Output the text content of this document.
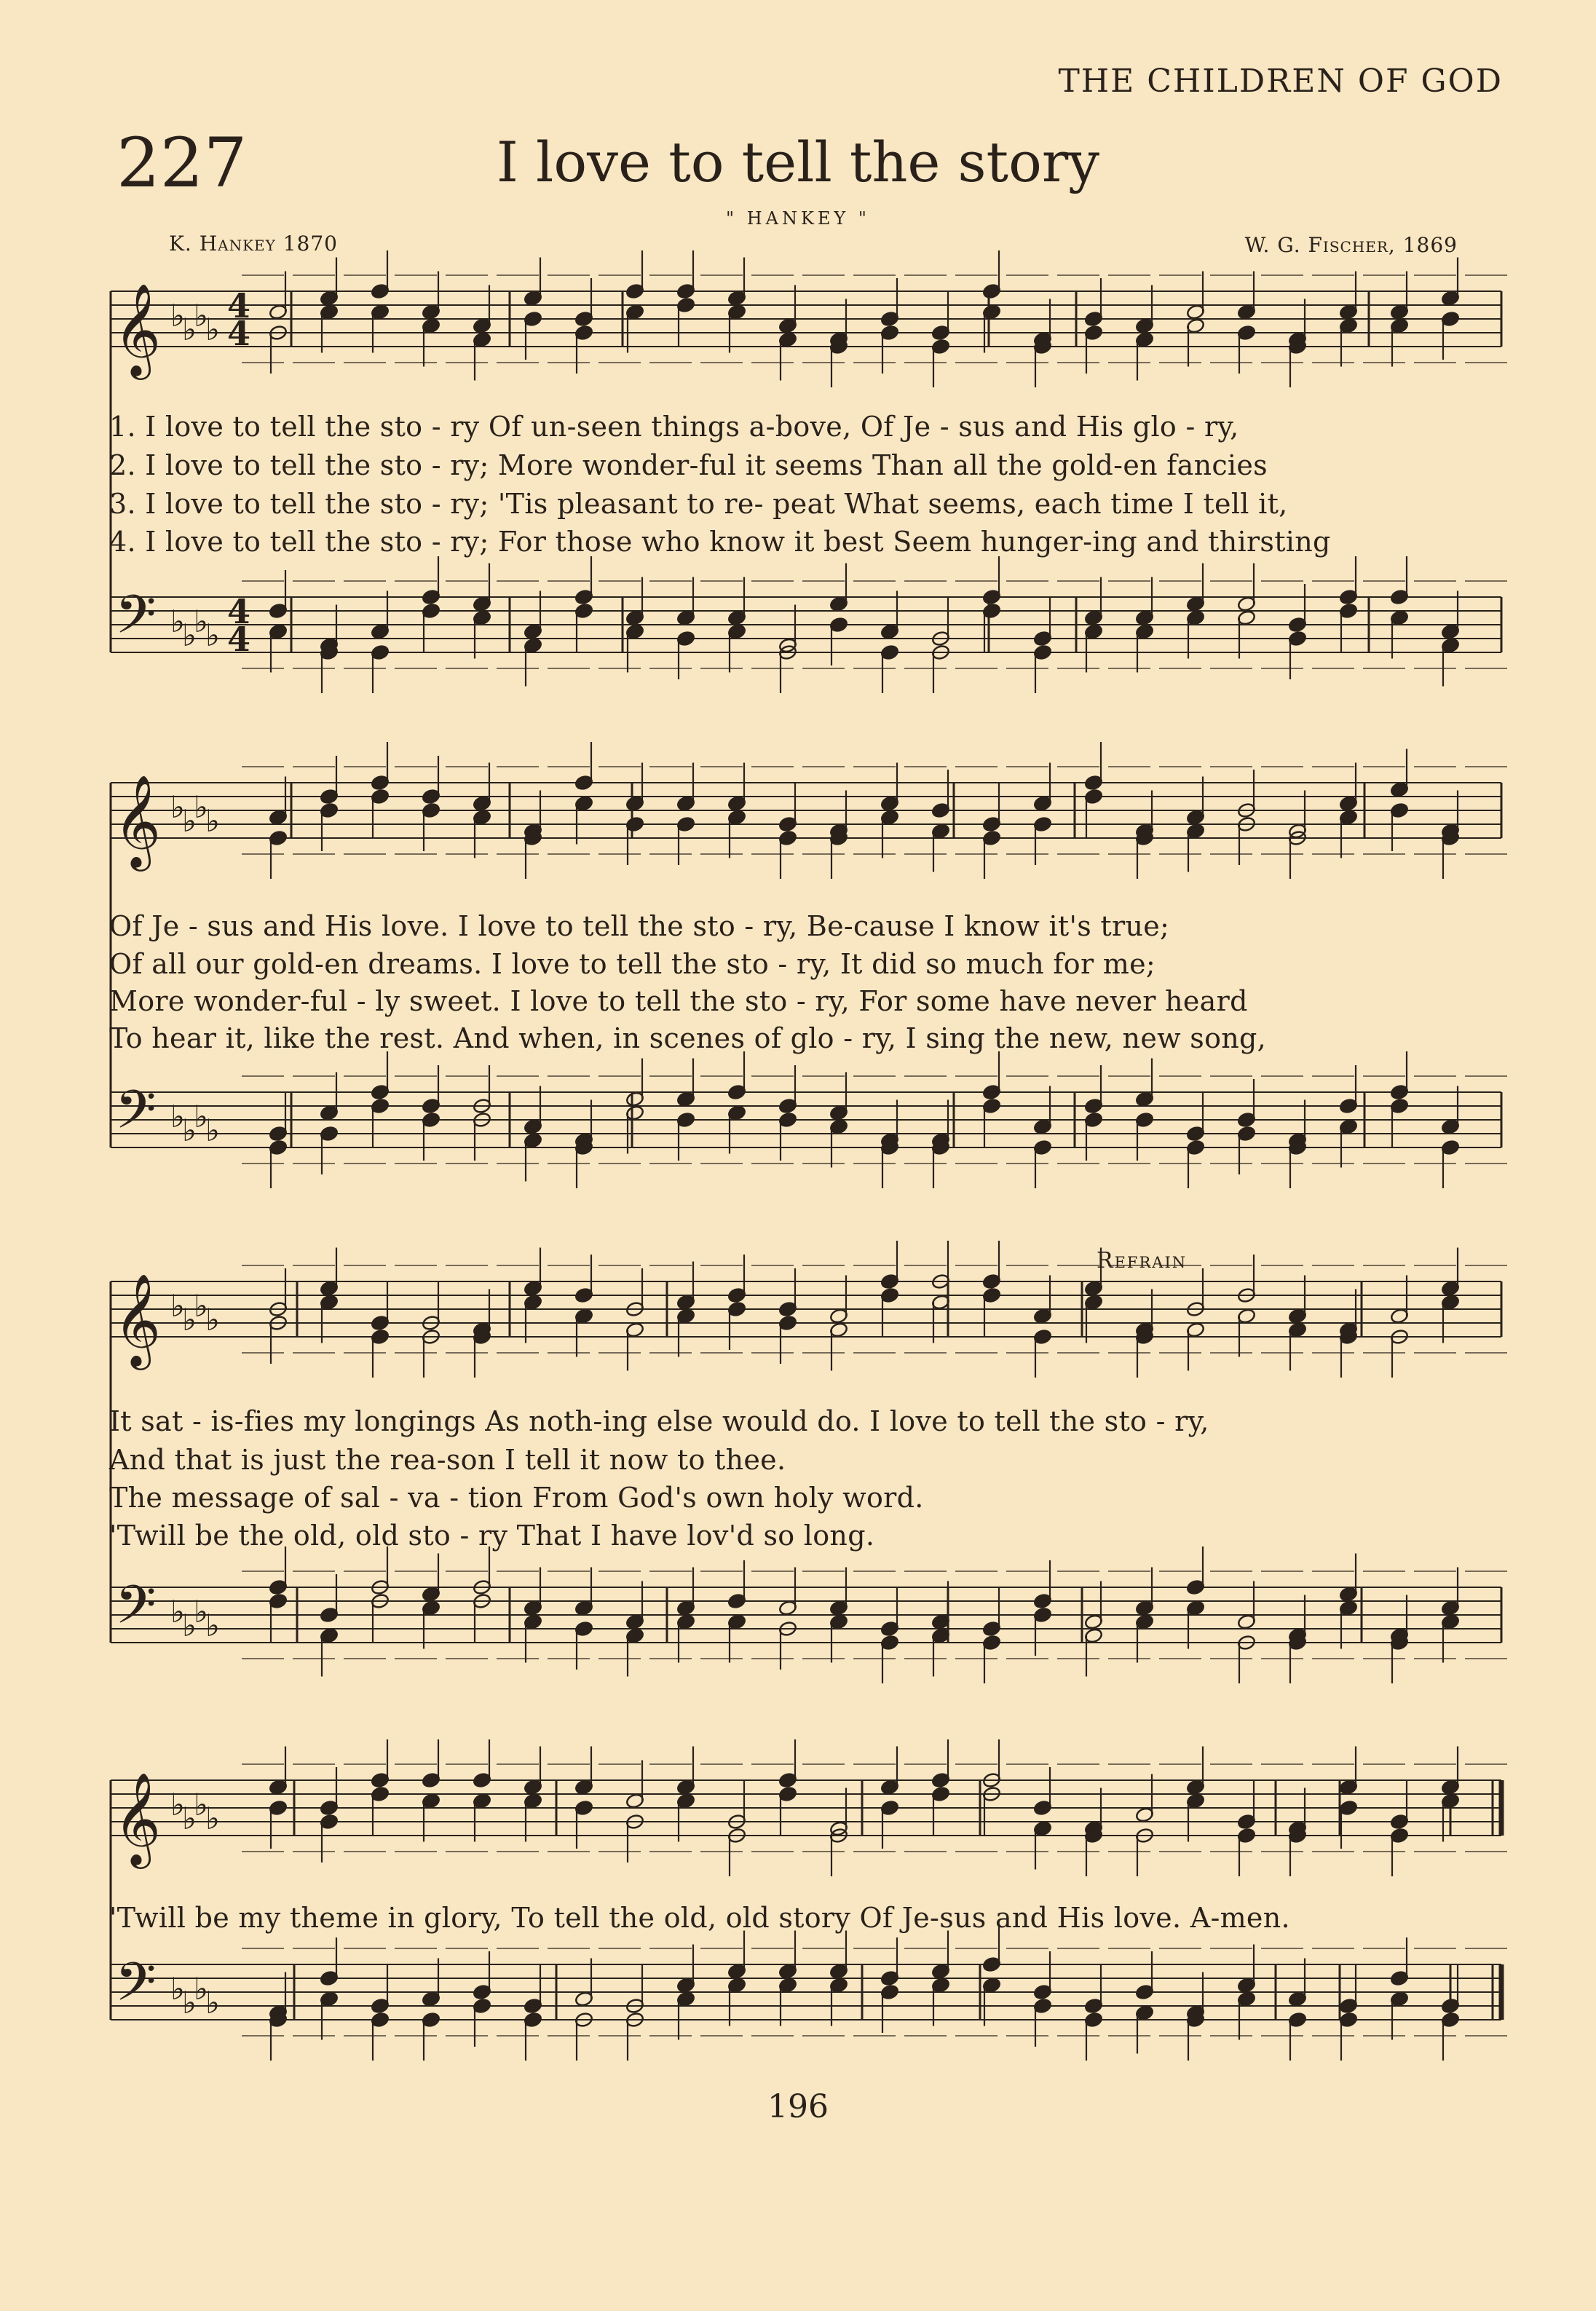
THE CHILDREN OF GOD
227	I love to tell the story
" HANKEY "
K. Hankey 1870	W. G. Fischer, 1869
𝄞 ♭
♭
♭
♭
4
4
𝄢 ♭
♭
♭
♭
4
4
𝄞 ♭
♭
♭
♭
𝄢 ♭
♭
♭
♭
𝄞 ♭
♭
♭
♭
𝄢 ♭
♭
♭
♭
𝄞 ♭
♭
♭
♭
𝄢 ♭
♭
♭
♭
1. I love to tell the sto - ry Of un-seen things a-bove, Of Je - sus and His glo - ry,
2. I love to tell the sto - ry; More wonder-ful it seems Than all the gold-en fancies
3. I love to tell the sto - ry; 'Tis pleasant to re- peat What seems, each time I tell it,
4. I love to tell the sto - ry; For those who know it best Seem hunger-ing and thirsting
Of Je - sus and His love. I love to tell the sto - ry, Be-cause I know it's true;
Of all our gold-en dreams. I love to tell the sto - ry, It did so much for me;
More wonder-ful - ly sweet. I love to tell the sto - ry, For some have never heard
To hear it, like the rest. And when, in scenes of glo - ry, I sing the new, new song,
Refrain
It sat - is-fies my longings As noth-ing else would do. I love to tell the sto - ry,
And that is just the rea-son I tell it now to thee.
The message of sal - va - tion From God's own holy word.
'Twill be the old, old sto - ry That I have lov'd so long.
'Twill be my theme in glory, To tell the old, old story Of Je-sus and His love. A-men.
196
